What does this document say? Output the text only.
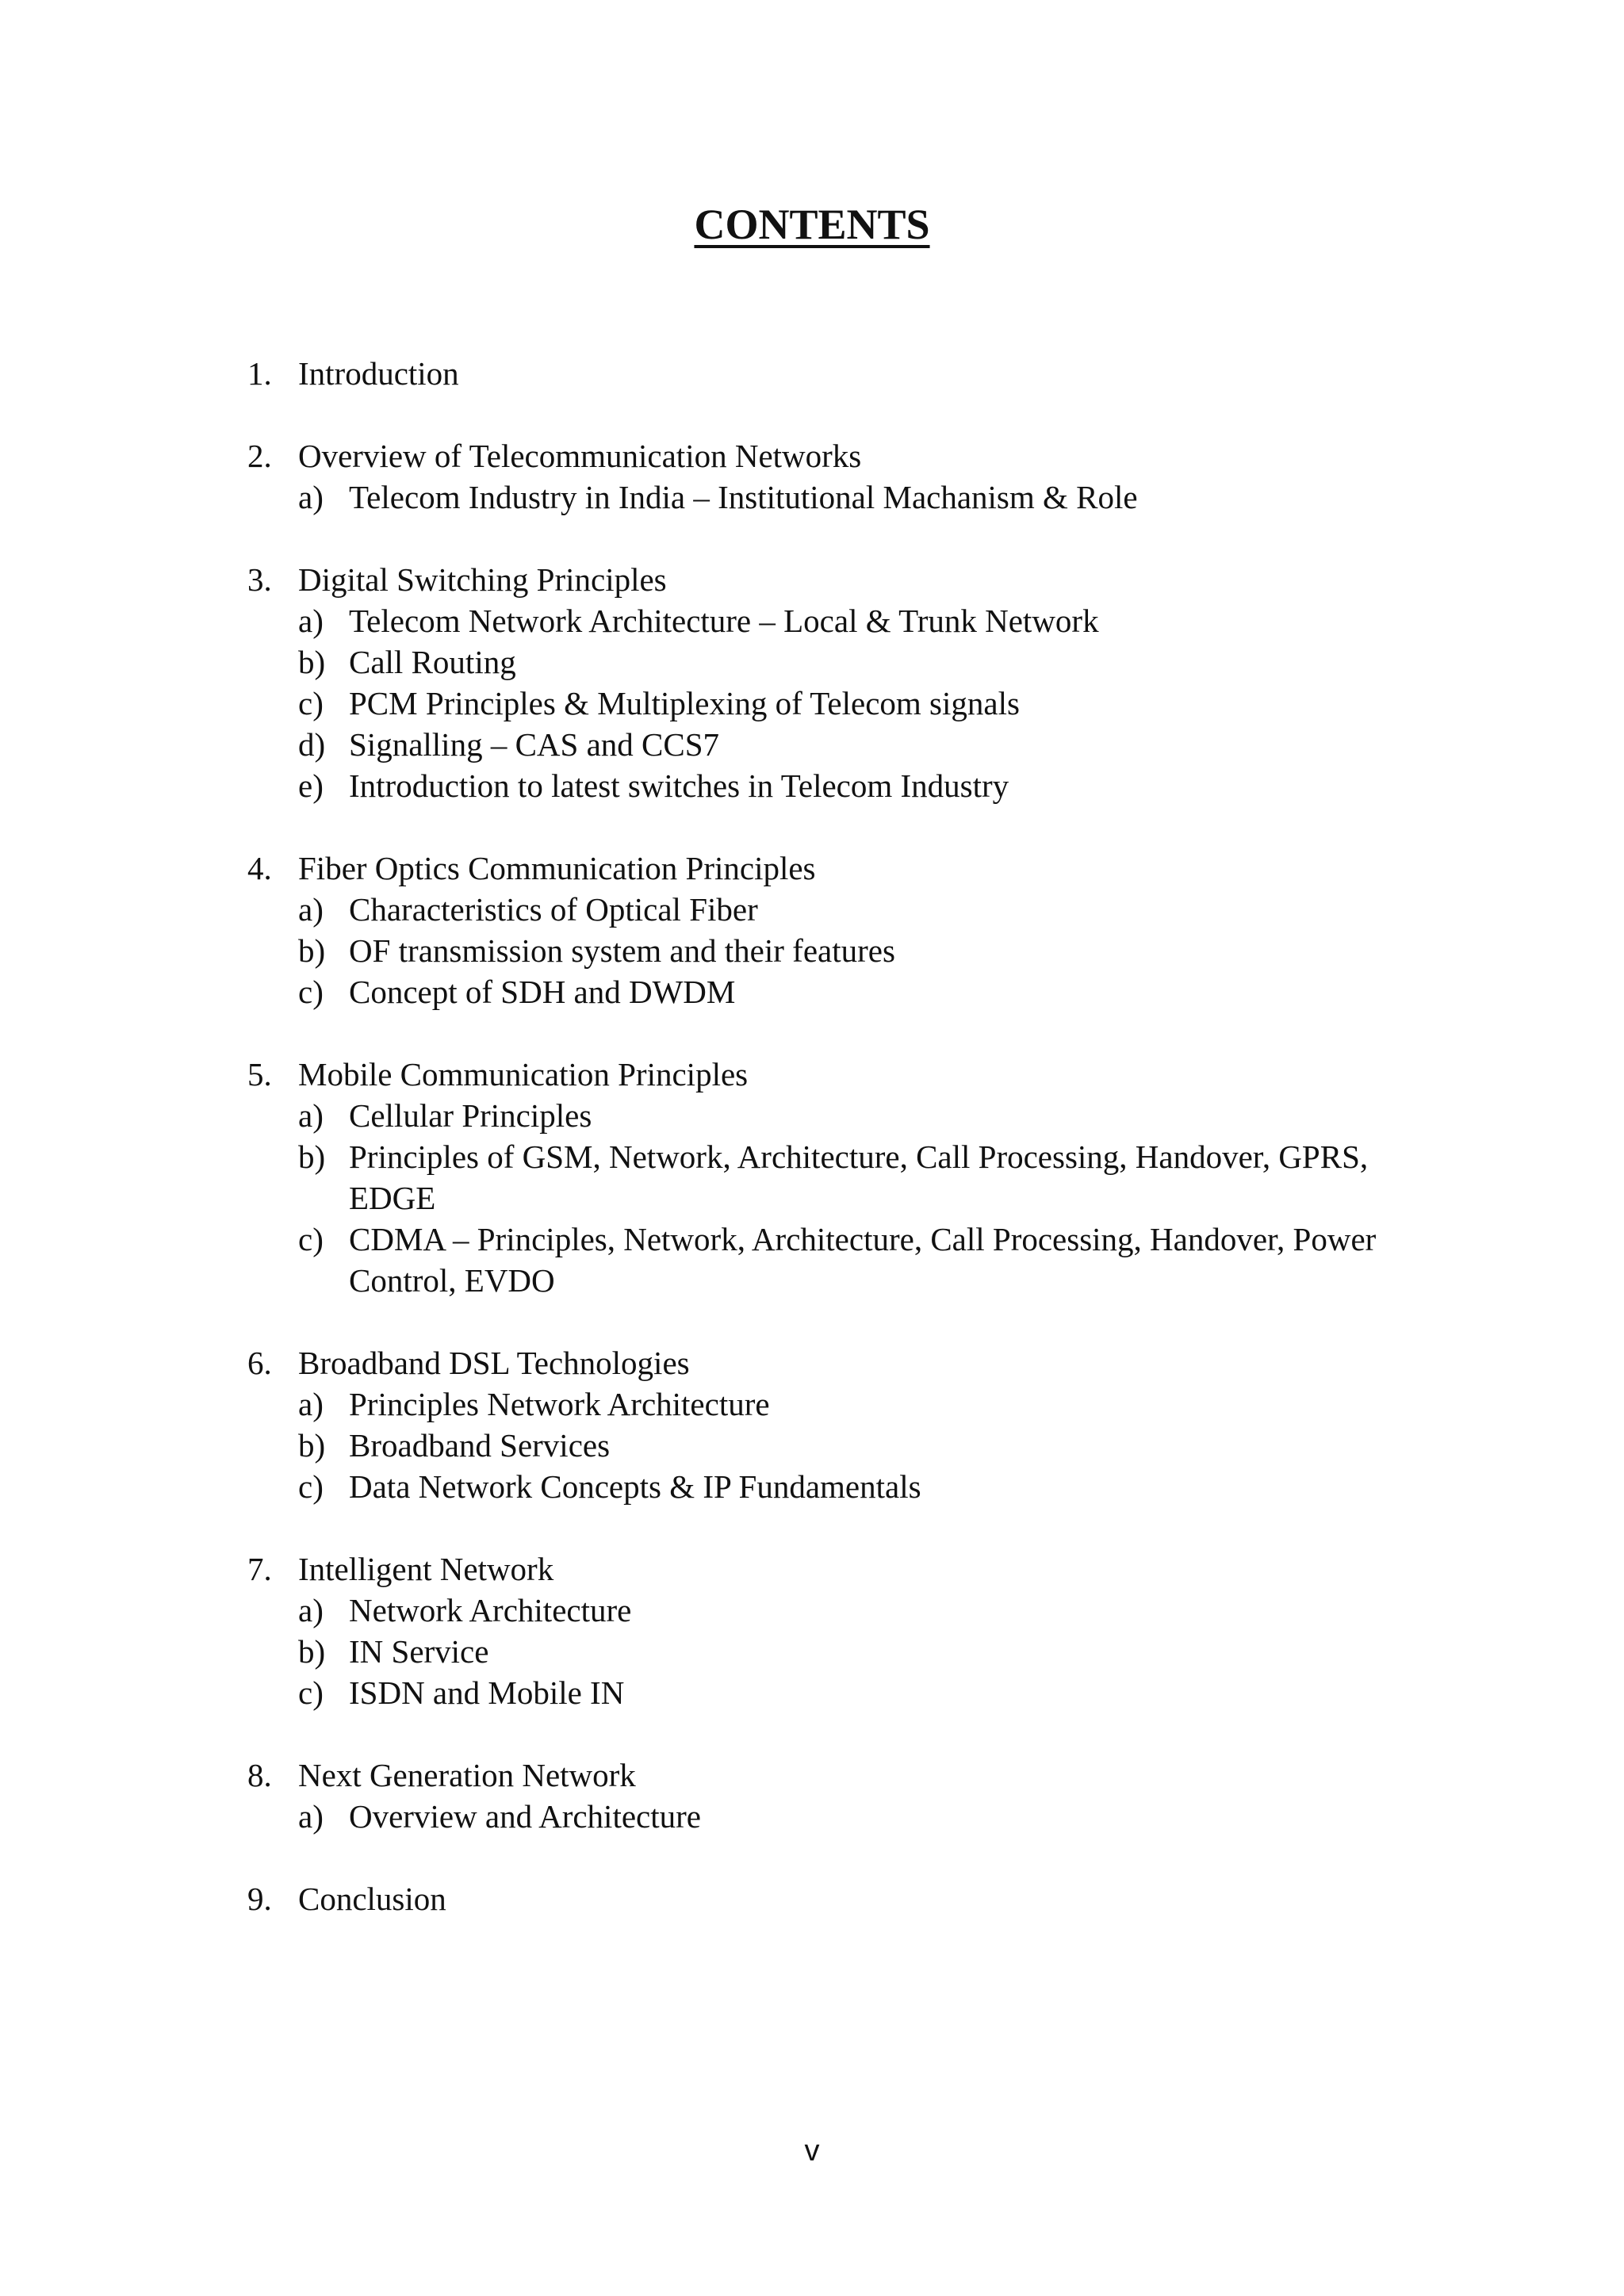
CONTENTS
1. Introduction
2. Overview of Telecommunication Networks
a) Telecom Industry in India – Institutional Machanism & Role
3. Digital Switching Principles
a) Telecom Network Architecture – Local & Trunk Network
b) Call Routing
c) PCM Principles & Multiplexing of Telecom signals
d) Signalling – CAS and CCS7
e) Introduction to latest switches in Telecom Industry
4. Fiber Optics Communication Principles
a) Characteristics of Optical Fiber
b) OF transmission system and their features
c) Concept of SDH and DWDM
5. Mobile Communication Principles
a) Cellular Principles
b) Principles of GSM, Network, Architecture, Call Processing, Handover, GPRS, EDGE
c) CDMA – Principles, Network, Architecture, Call Processing, Handover, Power Control, EVDO
6. Broadband DSL Technologies
a) Principles Network Architecture
b) Broadband Services
c) Data Network Concepts & IP Fundamentals
7. Intelligent Network
a) Network Architecture
b) IN Service
c) ISDN and Mobile IN
8. Next Generation Network
a) Overview and Architecture
9. Conclusion
v
